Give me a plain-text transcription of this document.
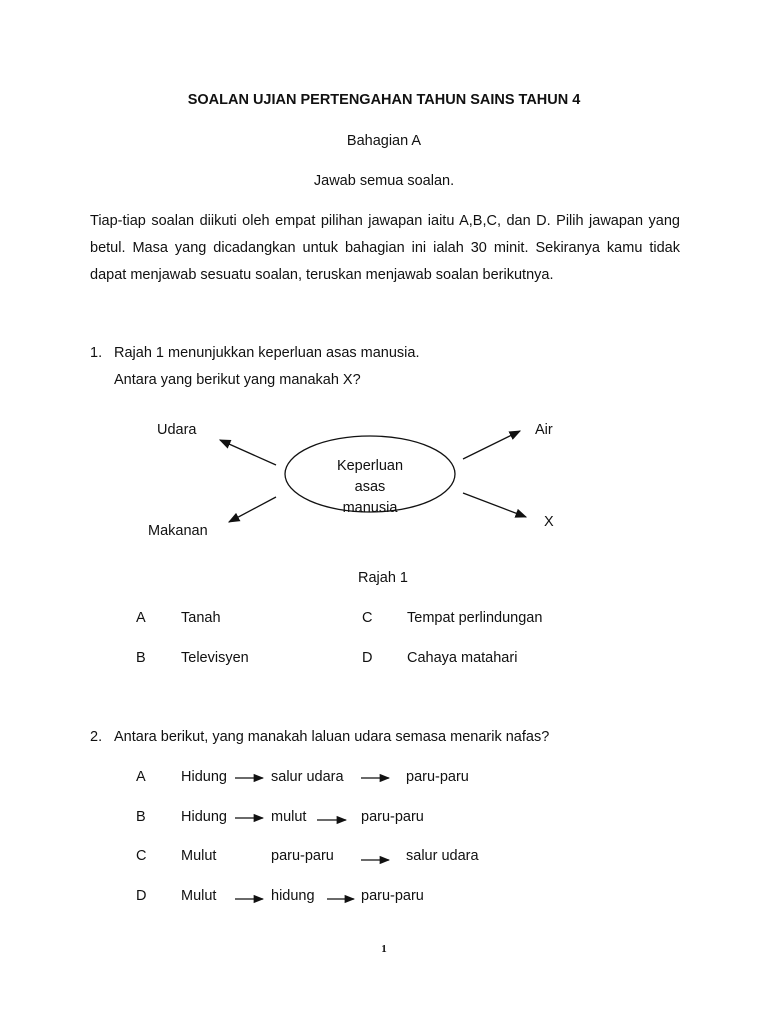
SOALAN UJIAN PERTENGAHAN TAHUN SAINS TAHUN 4
Bahagian A
Jawab semua soalan.
Tiap-tiap soalan diikuti oleh empat pilihan jawapan iaitu A,B,C, dan D. Pilih jawapan yang betul. Masa yang dicadangkan untuk bahagian ini ialah 30 minit. Sekiranya kamu tidak dapat menjawab sesuatu soalan, teruskan menjawab soalan berikutnya.
1. Rajah 1 menunjukkan keperluan asas manusia.
Antara yang berikut yang manakah X?
Keperluan asas
manusia
Udara	Air
Makanan
X
Rajah 1
A Tanah
B Televisyen
C Tempat perlindungan
D Cahaya matahari
2. Antara berikut, yang manakah laluan udara semasa menarik nafas?
A Hidung	salur udara	paru-paru
B Hidung	mulut	paru-paru
C Mulut	paru-paru	salur udara
D Mulut	hidung	paru-paru
1
